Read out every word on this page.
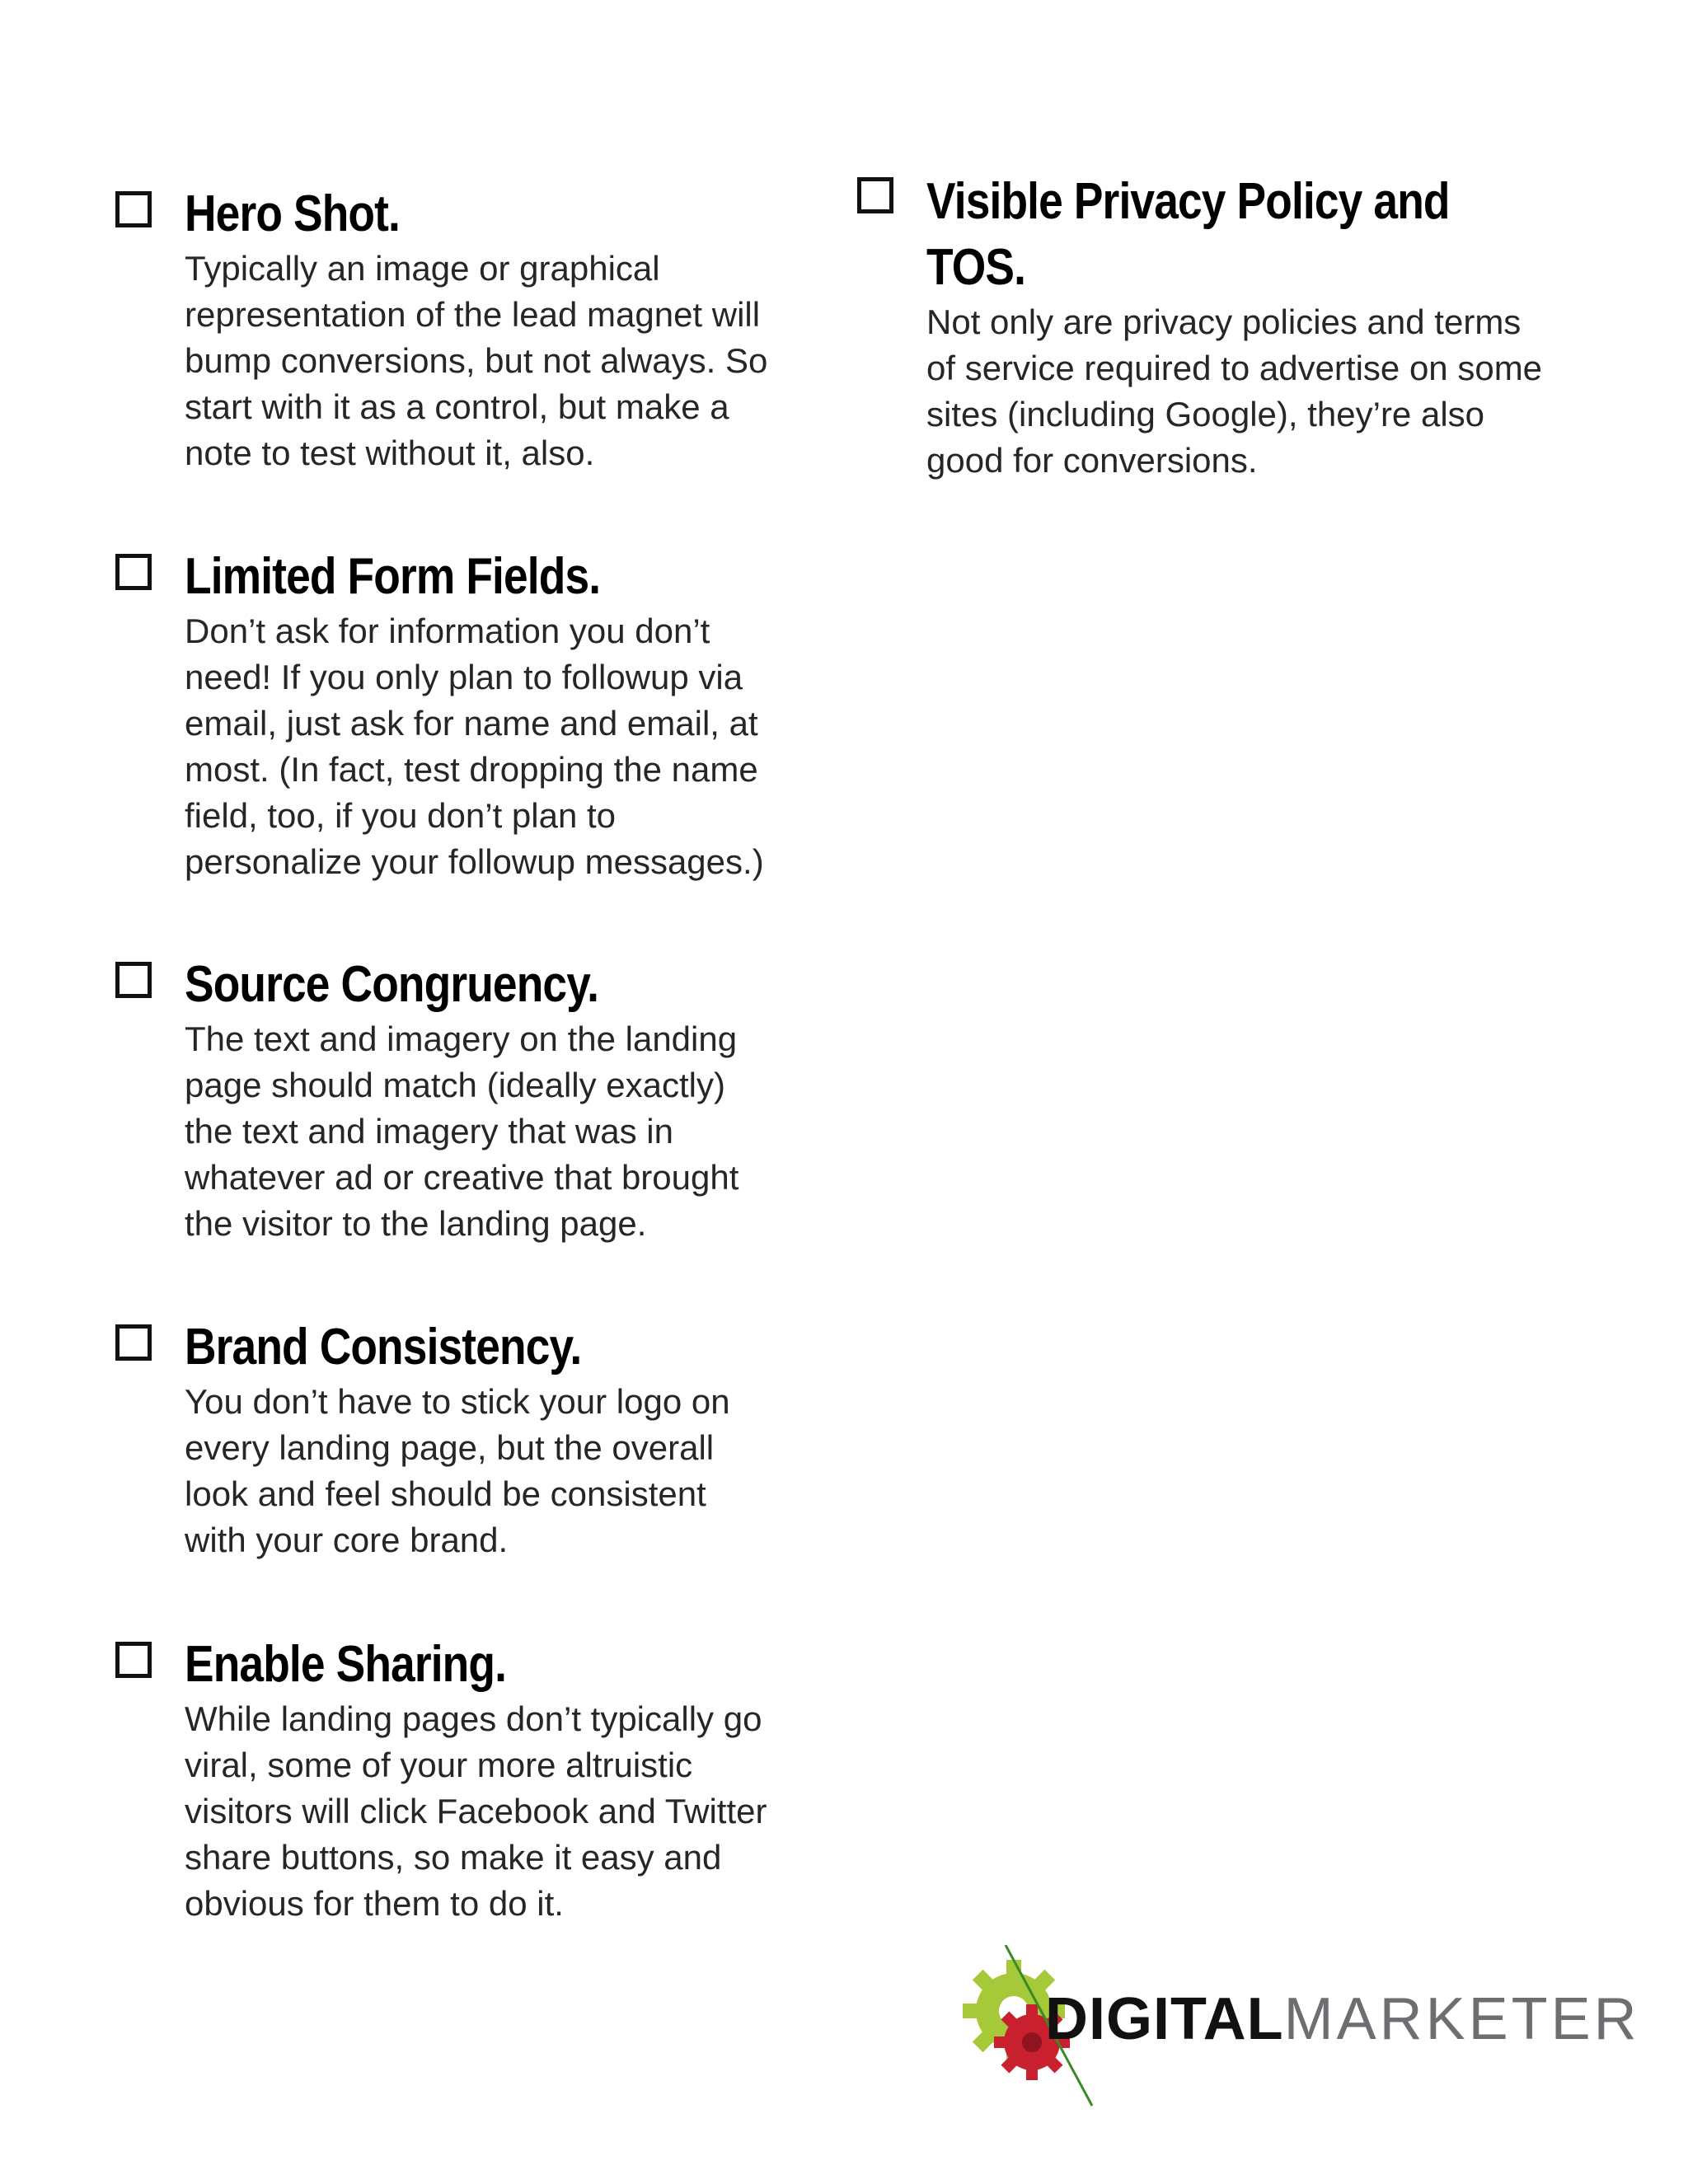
Hero Shot.

Typically an image or graphical representation of the lead magnet will bump conversions, but not always. So start with it as a control, but make a note to test without it, also.

Limited Form Fields.

Don’t ask for information you don’t need! If you only plan to followup via email, just ask for name and email, at most. (In fact, test dropping the name field, too, if you don’t plan to personalize your followup messages.)

Source Congruency.

The text and imagery on the landing page should match (ideally exactly) the text and imagery that was in whatever ad or creative that brought the visitor to the landing page.

Brand Consistency.

You don’t have to stick your logo on every landing page, but the overall look and feel should be consistent with your core brand.

Enable Sharing.

While landing pages don’t typically go viral, some of your more altruistic visitors will click Facebook and Twitter share buttons, so make it easy and obvious for them to do it.

Visible Privacy Policy and TOS.

Not only are privacy policies and terms of service required to advertise on some sites (including Google), they’re also good for conversions.

DIGITALMARKETER
